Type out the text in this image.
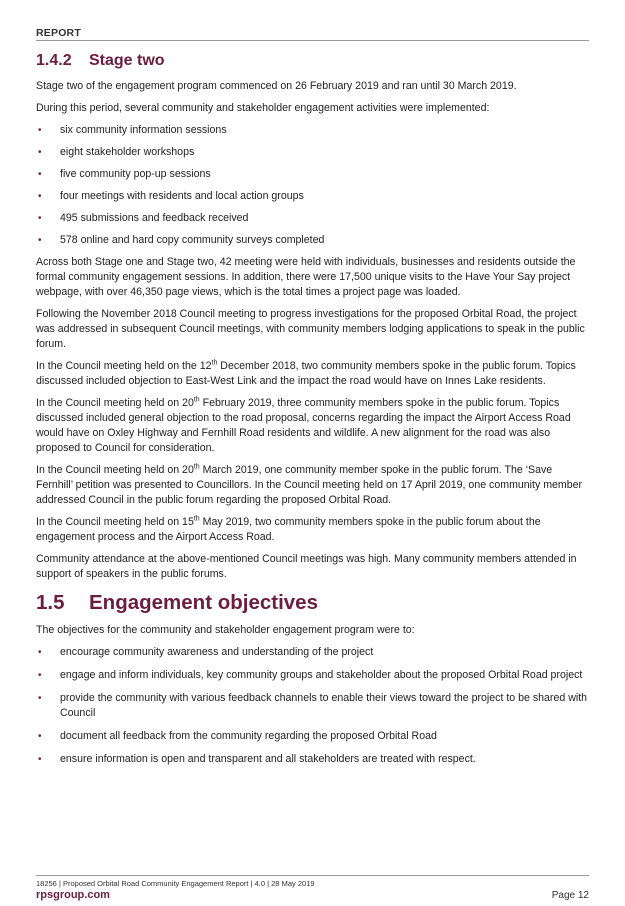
REPORT
1.4.2 Stage two

Stage two of the engagement program commenced on 26 February 2019 and ran until 30 March 2019.

During this period, several community and stakeholder engagement activities were implemented:

• six community information sessions
• eight stakeholder workshops
• five community pop-up sessions
• four meetings with residents and local action groups
• 495 submissions and feedback received
• 578 online and hard copy community surveys completed

Across both Stage one and Stage two, 42 meeting were held with individuals, businesses and residents outside the formal community engagement sessions. In addition, there were 17,500 unique visits to the Have Your Say project webpage, with over 46,350 page views, which is the total times a project page was loaded.

Following the November 2018 Council meeting to progress investigations for the proposed Orbital Road, the project was addressed in subsequent Council meetings, with community members lodging applications to speak in the public forum.

In the Council meeting held on the 12th December 2018, two community members spoke in the public forum. Topics discussed included objection to East-West Link and the impact the road would have on Innes Lake residents.

In the Council meeting held on 20th February 2019, three community members spoke in the public forum. Topics discussed included general objection to the road proposal, concerns regarding the impact the Airport Access Road would have on Oxley Highway and Fernhill Road residents and wildlife. A new alignment for the road was also proposed to Council for consideration.

In the Council meeting held on 20th March 2019, one community member spoke in the public forum. The ‘Save Fernhill’ petition was presented to Councillors. In the Council meeting held on 17 April 2019, one community member addressed Council in the public forum regarding the proposed Orbital Road.

In the Council meeting held on 15th May 2019, two community members spoke in the public forum about the engagement process and the Airport Access Road.

Community attendance at the above-mentioned Council meetings was high. Many community members attended in support of speakers in the public forums.

1.5 Engagement objectives

The objectives for the community and stakeholder engagement program were to:

• encourage community awareness and understanding of the project
• engage and inform individuals, key community groups and stakeholder about the proposed Orbital Road project
• provide the community with various feedback channels to enable their views toward the project to be shared with Council
• document all feedback from the community regarding the proposed Orbital Road
• ensure information is open and transparent and all stakeholders are treated with respect.
18256 | Proposed Orbital Road Community Engagement Report | 4.0 | 28 May 2019
rpsgroup.com	Page 12
